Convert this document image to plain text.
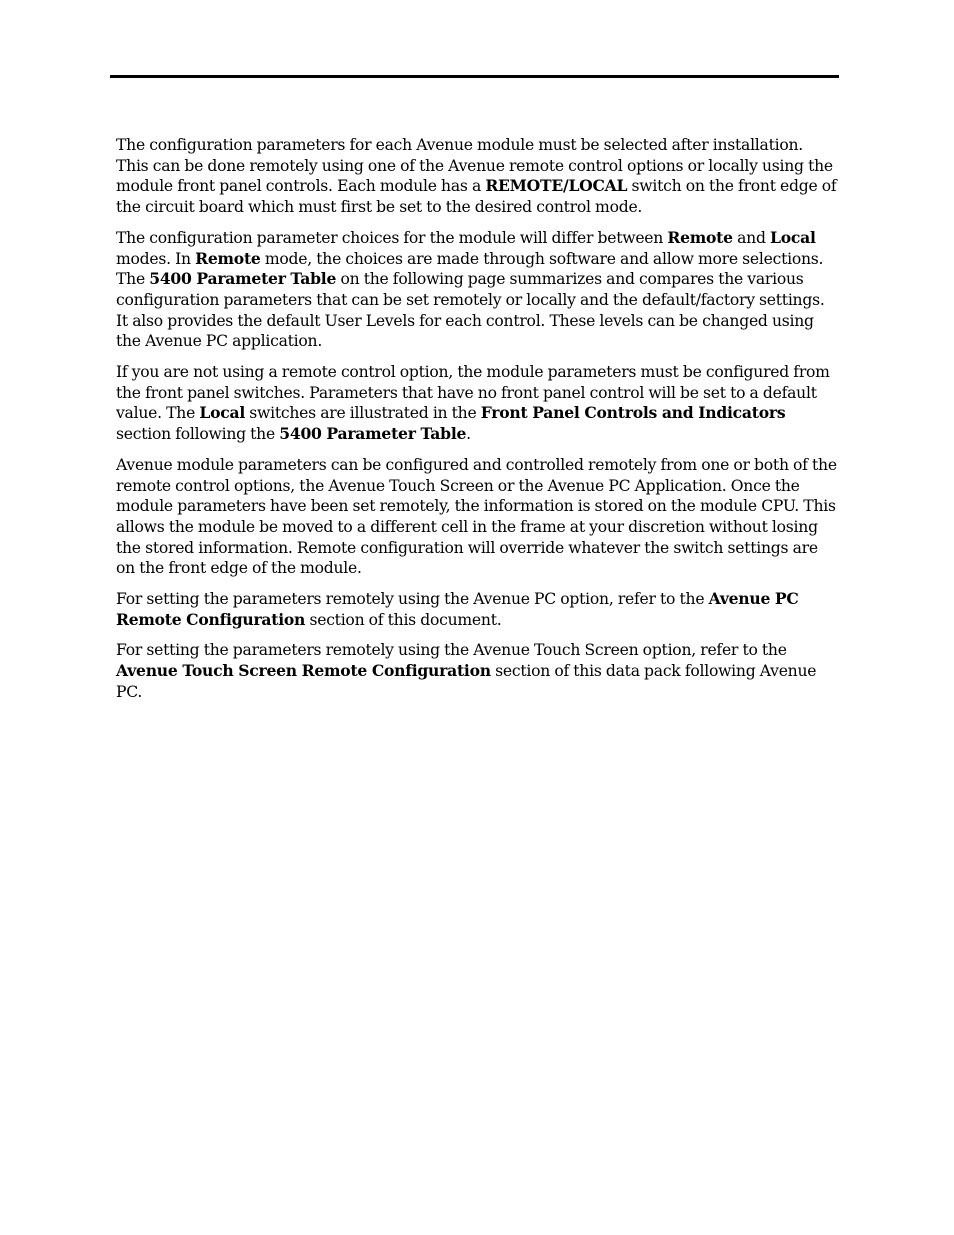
The configuration parameters for each Avenue module must be selected after installation. This can be done remotely using one of the Avenue remote control options or locally using the module front panel controls. Each module has a REMOTE/LOCAL switch on the front edge of the circuit board which must first be set to the desired control mode.

The configuration parameter choices for the module will differ between Remote and Local modes. In Remote mode, the choices are made through software and allow more selections. The 5400 Parameter Table on the following page summarizes and compares the various configuration parameters that can be set remotely or locally and the default/factory settings. It also provides the default User Levels for each control. These levels can be changed using the Avenue PC application.

If you are not using a remote control option, the module parameters must be configured from the front panel switches. Parameters that have no front panel control will be set to a default value. The Local switches are illustrated in the Front Panel Controls and Indicators section following the 5400 Parameter Table.

Avenue module parameters can be configured and controlled remotely from one or both of the remote control options, the Avenue Touch Screen or the Avenue PC Application. Once the module parameters have been set remotely, the information is stored on the module CPU. This allows the module be moved to a different cell in the frame at your discretion without losing the stored information. Remote configuration will override whatever the switch settings are on the front edge of the module.

For setting the parameters remotely using the Avenue PC option, refer to the Avenue PC Remote Configuration section of this document.

For setting the parameters remotely using the Avenue Touch Screen option, refer to the Avenue Touch Screen Remote Configuration section of this data pack following Avenue PC.
